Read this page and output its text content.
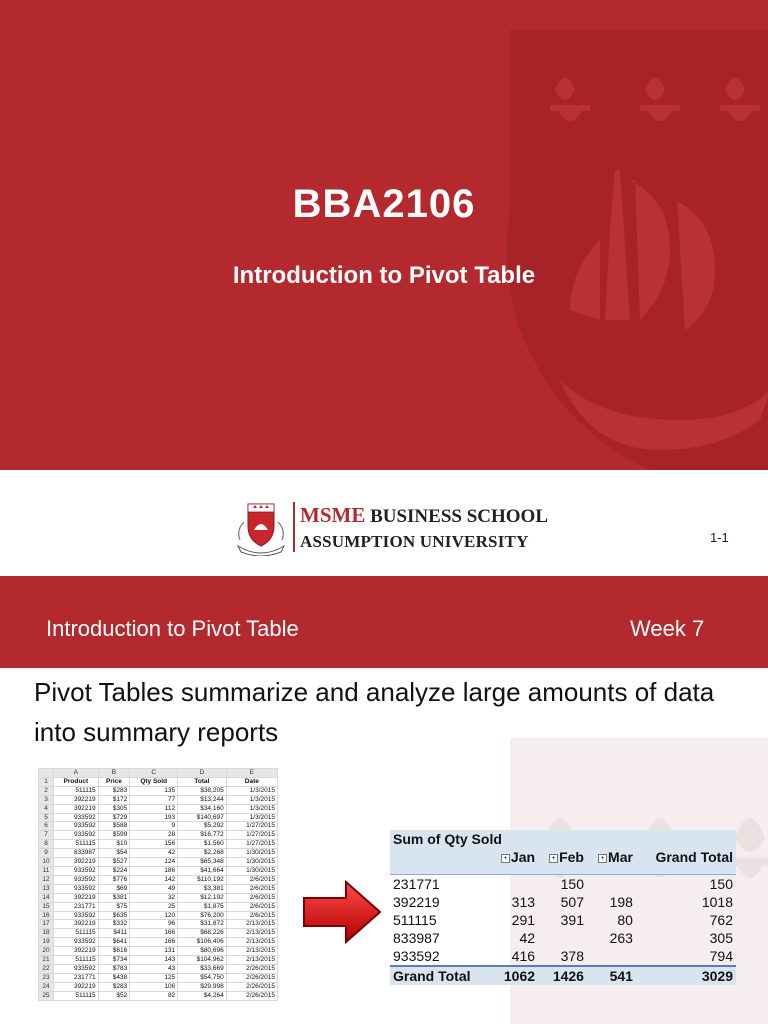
BBA2106
Introduction to Pivot Table
MSME BUSINESS SCHOOL
ASSUMPTION UNIVERSITY	1-1
Introduction to Pivot Table	Week 7
Pivot Tables summarize and analyze large amounts of data into summary reports
	A	B	C	D	E
1	Product	Price	Qty Sold	Total	Date
2	511115	$283	135	$38,205	1/3/2015
3	392219	$172	77	$13,244	1/3/2015
4	392219	$305	112	$34,160	1/3/2015
5	933592	$729	193	$140,697	1/3/2015
6	933592	$588	9	$5,292	1/27/2015
7	933592	$599	28	$16,772	1/27/2015
8	511115	$10	156	$1,560	1/27/2015
9	833987	$54	42	$2,268	1/30/2015
10	392219	$527	124	$65,348	1/30/2015
11	933592	$224	186	$41,664	1/30/2015
12	933592	$776	142	$110,192	2/6/2015
13	933592	$69	49	$3,381	2/6/2015
14	392219	$381	32	$12,192	2/6/2015
15	231771	$75	25	$1,875	2/6/2015
16	933592	$635	120	$76,200	2/6/2015
17	392219	$332	96	$31,872	2/13/2015
18	511115	$411	166	$68,226	2/13/2015
19	933592	$641	166	$106,406	2/13/2015
20	392219	$616	131	$80,696	2/13/2015
21	511115	$734	143	$104,962	2/13/2015
22	933592	$783	43	$33,669	2/26/2015
23	231771	$438	125	$54,750	2/26/2015
24	392219	$283	106	$29,998	2/26/2015
25	511115	$52	82	$4,264	2/26/2015
Sum of Qty Sold				
	+ Jan	+ Feb	+ Mar	Grand Total
231771		150		150
392219	313	507	198	1018
511115	291	391	80	762
833987	42		263	305
933592	416	378		794
Grand Total	1062	1426	541	3029
